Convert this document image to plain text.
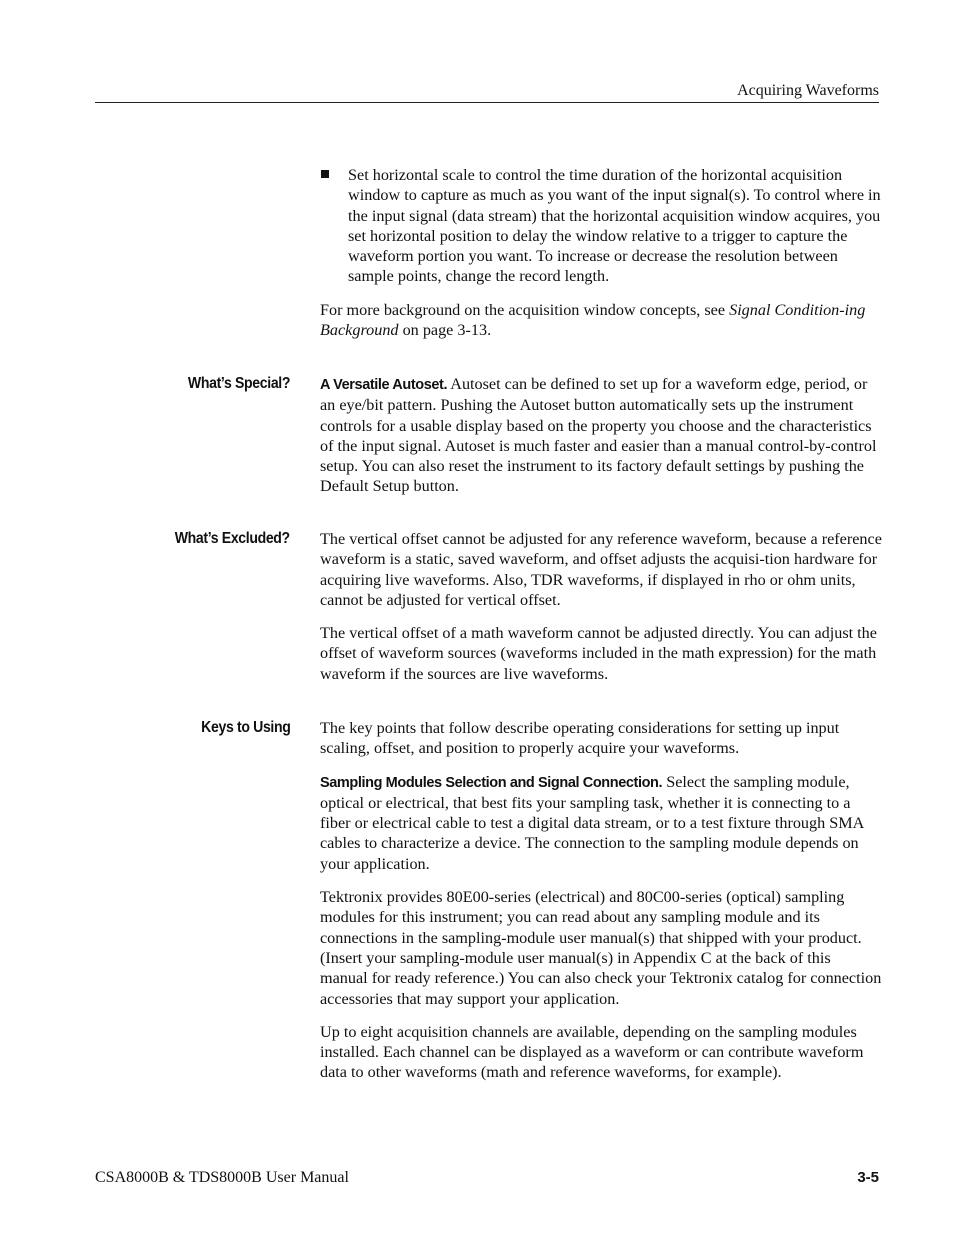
Acquiring Waveforms

Set horizontal scale to control the time duration of the horizontal acquisition window to capture as much as you want of the input signal(s). To control where in the input signal (data stream) that the horizontal acquisition window acquires, you set horizontal position to delay the window relative to a trigger to capture the waveform portion you want. To increase or decrease the resolution between sample points, change the record length.

For more background on the acquisition window concepts, see Signal Condition-ing Background on page 3-13.

What’s Special? A Versatile Autoset. Autoset can be defined to set up for a waveform edge, period, or an eye/bit pattern. Pushing the Autoset button automatically sets up the instrument controls for a usable display based on the property you choose and the characteristics of the input signal. Autoset is much faster and easier than a manual control-by-control setup. You can also reset the instrument to its factory default settings by pushing the Default Setup button.

What’s Excluded? The vertical offset cannot be adjusted for any reference waveform, because a reference waveform is a static, saved waveform, and offset adjusts the acquisi-tion hardware for acquiring live waveforms. Also, TDR waveforms, if displayed in rho or ohm units, cannot be adjusted for vertical offset.

The vertical offset of a math waveform cannot be adjusted directly. You can adjust the offset of waveform sources (waveforms included in the math expression) for the math waveform if the sources are live waveforms.

Keys to Using The key points that follow describe operating considerations for setting up input scaling, offset, and position to properly acquire your waveforms.

Sampling Modules Selection and Signal Connection. Select the sampling module, optical or electrical, that best fits your sampling task, whether it is connecting to a fiber or electrical cable to test a digital data stream, or to a test fixture through SMA cables to characterize a device. The connection to the sampling module depends on your application.

Tektronix provides 80E00-series (electrical) and 80C00-series (optical) sampling modules for this instrument; you can read about any sampling module and its connections in the sampling-module user manual(s) that shipped with your product. (Insert your sampling-module user manual(s) in Appendix C at the back of this manual for ready reference.) You can also check your Tektronix catalog for connection accessories that may support your application.

Up to eight acquisition channels are available, depending on the sampling modules installed. Each channel can be displayed as a waveform or can contribute waveform data to other waveforms (math and reference waveforms, for example).

CSA8000B & TDS8000B User Manual	3-5
